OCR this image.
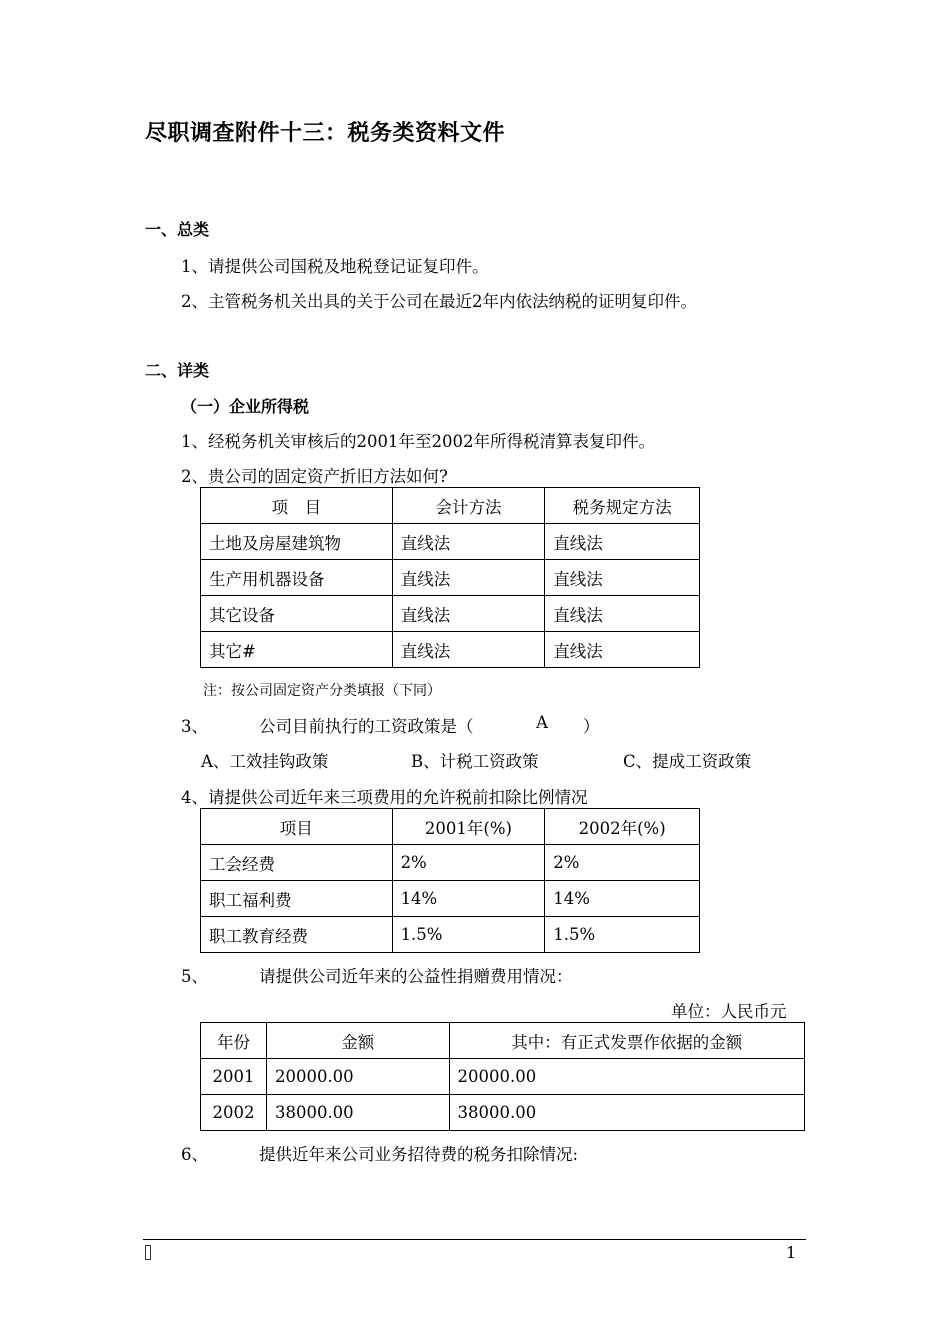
尽职调查附件十三：税务类资料文件
一、总类
1、请提供公司国税及地税登记证复印件。
2、主管税务机关出具的关于公司在最近2年内依法纳税的证明复印件。
二、详类
（一）企业所得税
1、经税务机关审核后的2001年至2002年所得税清算表复印件。
2、贵公司的固定资产折旧方法如何?
项　目	会计方法	税务规定方法
土地及房屋建筑物	直线法	直线法
生产用机器设备	直线法	直线法
其它设备	直线法	直线法
其它#	直线法	直线法
注：按公司固定资产分类填报（下同）
3、	公司目前执行的工资政策是（	A ）
A、工效挂钩政策	B、计税工资政策	C、提成工资政策
4、请提供公司近年来三项费用的允许税前扣除比例情况
项目	2001年(%)	2002年(%)
工会经费	2%	2%
职工福利费	14%	14%
职工教育经费	1.5%	1.5%
5、	请提供公司近年来的公益性捐赠费用情况：
单位：人民币元
年份	金额	其中：有正式发票作依据的金额
2001	20000.00	20000.00
2002	38000.00	38000.00
6、	提供近年来公司业务招待费的税务扣除情况:
1
